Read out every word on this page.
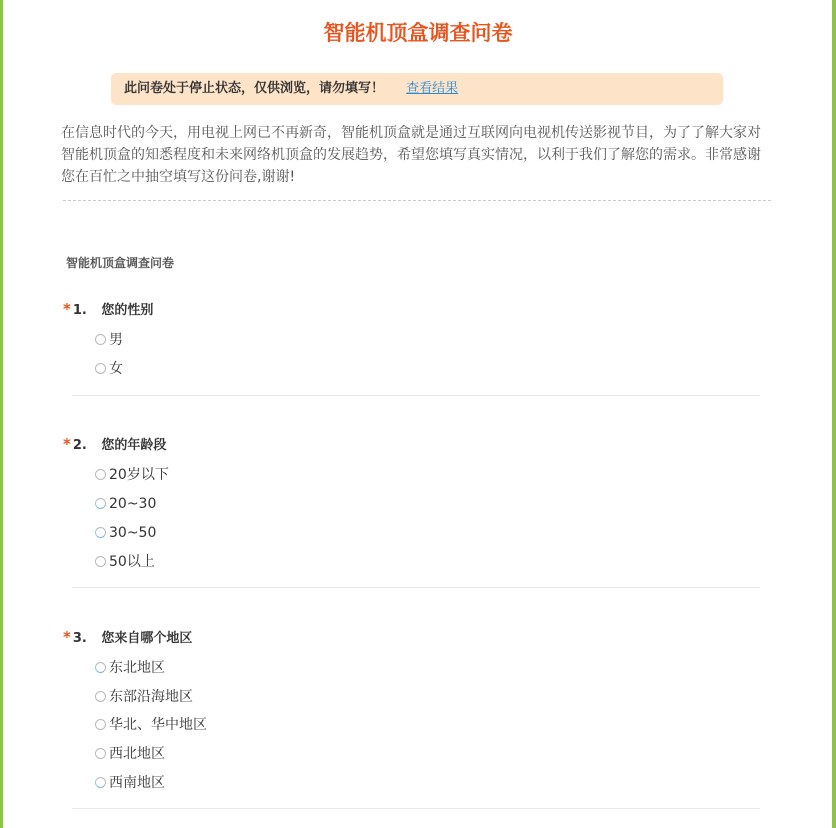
智能机顶盒调查问卷
此问卷处于停止状态，仅供浏览，请勿填写！ 查看结果
在信息时代的今天，用电视上网已不再新奇，智能机顶盒就是通过互联网向电视机传送影视节目，为了了解大家对智能机顶盒的知悉程度和未来网络机顶盒的发展趋势，希望您填写真实情况，以利于我们了解您的需求。非常感谢您在百忙之中抽空填写这份问卷,谢谢!
智能机顶盒调查问卷
* 1. 您的性别
男
女
* 2. 您的年龄段
20岁以下
20~30
30~50
50以上
* 3. 您来自哪个地区
东北地区
东部沿海地区
华北、华中地区
西北地区
西南地区
